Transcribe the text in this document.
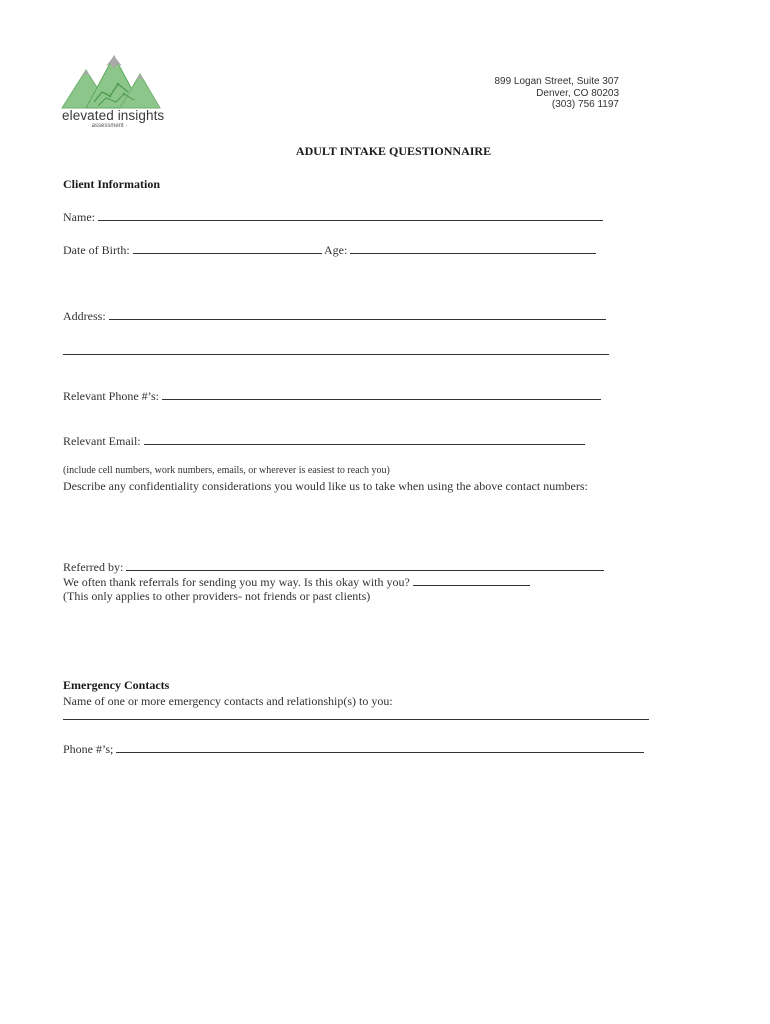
elevated insights
· assessment ·
899 Logan Street, Suite 307
Denver, CO 80203
(303) 756 1197
ADULT INTAKE QUESTIONNAIRE
Client Information
Name:
Date of Birth:	Age:
Address:
Relevant Phone #’s:
Relevant Email:
(include cell numbers, work numbers, emails, or wherever is easiest to reach you)
Describe any confidentiality considerations you would like us to take when using the above contact numbers:
Referred by:
We often thank referrals for sending you my way. Is this okay with you?
(This only applies to other providers- not friends or past clients)
Emergency Contacts
Name of one or more emergency contacts and relationship(s) to you:
Phone #’s;
